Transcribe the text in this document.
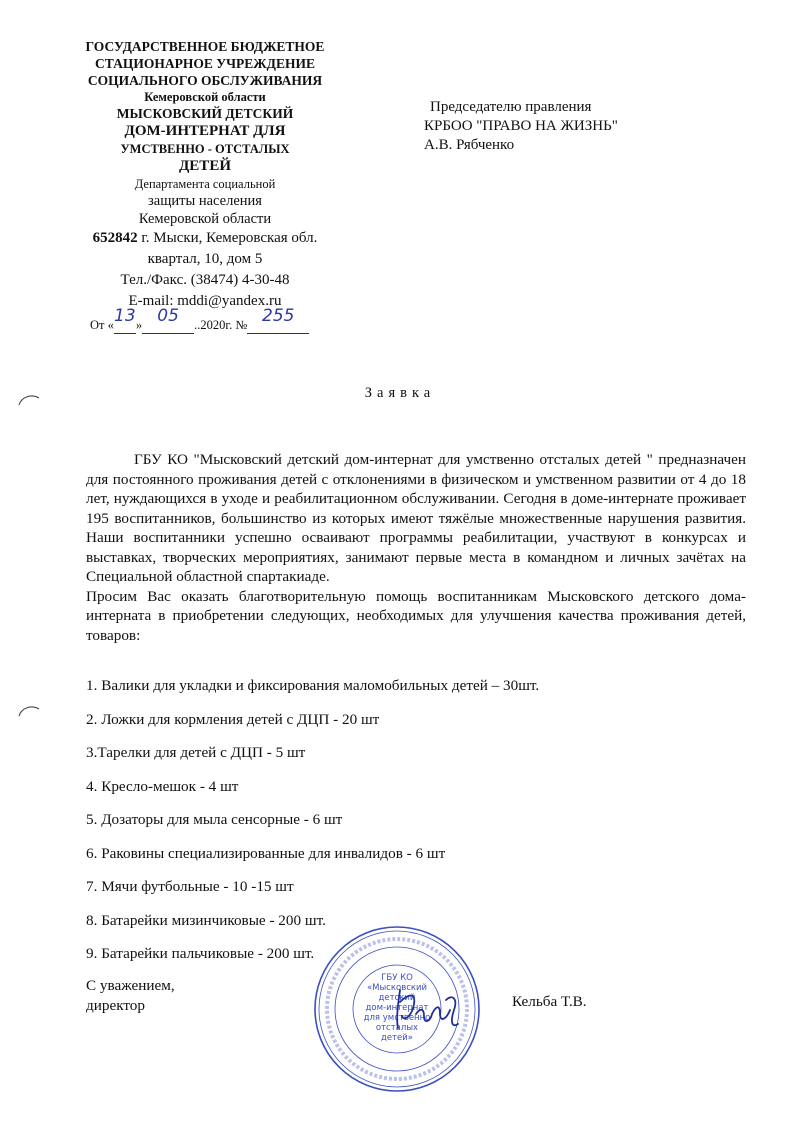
ГОСУДАРСТВЕННОЕ БЮДЖЕТНОЕ
СТАЦИОНАРНОЕ УЧРЕЖДЕНИЕ
СОЦИАЛЬНОГО ОБСЛУЖИВАНИЯ
Кемеровской области
МЫСКОВСКИЙ ДЕТСКИЙ
ДОМ-ИНТЕРНАТ ДЛЯ
УМСТВЕННО - ОТСТАЛЫХ
ДЕТЕЙ
Департамента социальной
защиты населения
Кемеровской области
652842 г. Мыски, Кемеровская обл.
квартал, 10, дом 5
Тел./Факс. (38474) 4-30-48
E-mail: mddi@yandex.ru
От « 13 » 05	..2020г. № 255

Председателю правления
КРБОО "ПРАВО НА ЖИЗНЬ"
А.В. Рябченко
Заявка

ГБУ КО "Мысковский детский дом-интернат для умственно отсталых детей " предназначен для постоянного проживания детей с отклонениями в физическом и умственном развитии от 4 до 18 лет, нуждающихся в уходе и реабилитационном обслуживании. Сегодня в доме-интернате проживает 195 воспитанников, большинство из которых имеют тяжёлые множественные нарушения развития. Наши воспитанники успешно осваивают программы реабилитации, участвуют в конкурсах и выставках, творческих мероприятиях, занимают первые места в командном и личных зачётах на Специальной областной спартакиаде.

Просим Вас оказать благотворительную помощь воспитанникам Мысковского детского дома-интерната в приобретении следующих, необходимых для улучшения качества проживания детей, товаров:

1. Валики для укладки и фиксирования маломобильных детей – 30шт.
2. Ложки для кормления детей с ДЦП - 20 шт
3.Тарелки для детей с ДЦП - 5 шт
4. Кресло-мешок - 4 шт
5. Дозаторы для мыла сенсорные - 6 шт
6. Раковины специализированные для инвалидов - 6 шт
7. Мячи футбольные - 10 -15 шт
8. Батарейки мизинчиковые - 200 шт.
9. Батарейки пальчиковые - 200 шт.
ГБУ КО
«Мысковский
детский
дом-интернат
для умственно
отсталых
детей»
С уважением,
директор	Кельба Т.В.
